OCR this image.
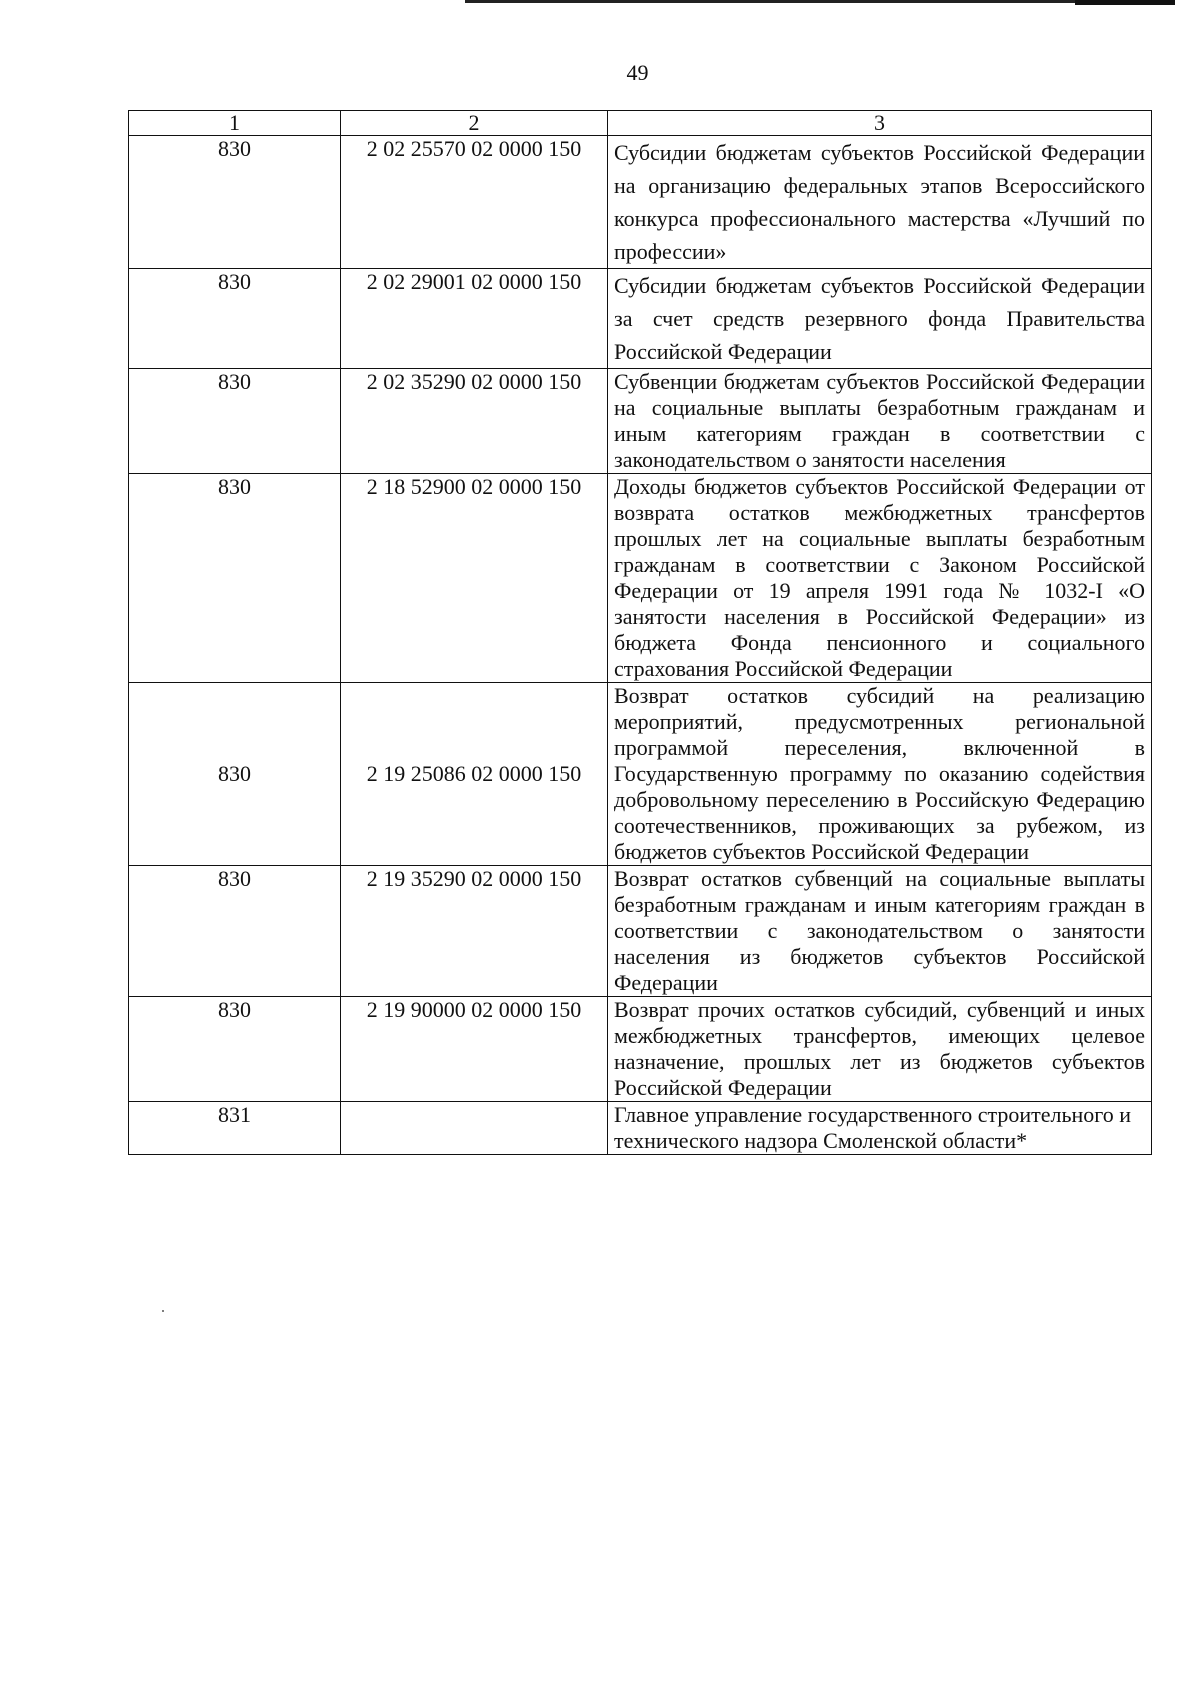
49
1	2	3
830	2 02 25570 02 0000 150	Субсидии бюджетам субъектов Российской Федерации на организацию федеральных этапов Всероссийского конкурса профессионального мастерства «Лучший по профессии»
830	2 02 29001 02 0000 150	Субсидии бюджетам субъектов Российской Федерации за счет средств резервного фонда Правительства Российской Федерации
830	2 02 35290 02 0000 150	Субвенции бюджетам субъектов Российской Федерации на социальные выплаты безработным гражданам и иным категориям граждан в соответствии с законодательством о занятости населения
830	2 18 52900 02 0000 150	Доходы бюджетов субъектов Российской Федерации от возврата остатков межбюджетных трансфертов прошлых лет на социальные выплаты безработным гражданам в соответствии с Законом Российской Федерации от 19 апреля 1991 года № 1032-I «О занятости населения в Российской Федерации» из бюджета Фонда пенсионного и социального страхования Российской Федерации
830	2 19 25086 02 0000 150	Возврат остатков субсидий на реализацию мероприятий, предусмотренных региональной программой переселения, включенной в Государственную программу по оказанию содействия добровольному переселению в Российскую Федерацию соотечественников, проживающих за рубежом, из бюджетов субъектов Российской Федерации
830	2 19 35290 02 0000 150	Возврат остатков субвенций на социальные выплаты безработным гражданам и иным категориям граждан в соответствии с законодательством о занятости населения из бюджетов субъектов Российской Федерации
830	2 19 90000 02 0000 150	Возврат прочих остатков субсидий, субвенций и иных межбюджетных трансфертов, имеющих целевое назначение, прошлых лет из бюджетов субъектов Российской Федерации
831		Главное управление государственного строительного и технического надзора Смоленской области*
